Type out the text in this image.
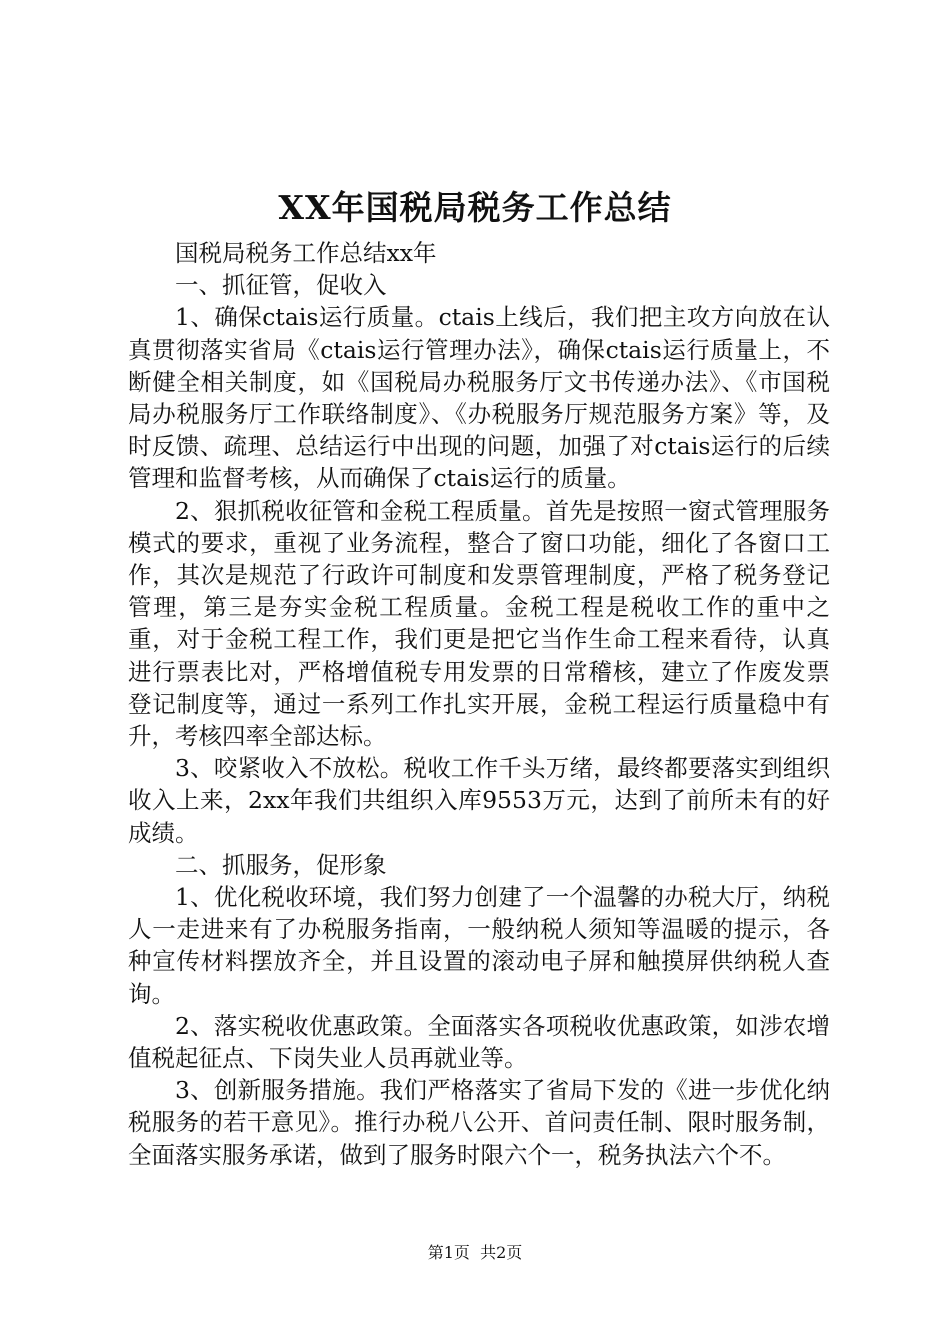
XX年国税局税务工作总结

国税局税务工作总结xx年

一、抓征管，促收入

1、确保ctais运行质量。ctais上线后，我们把主攻方向放在认真贯彻落实省局《ctais运行管理办法》，确保ctais运行质量上，不断健全相关制度，如《国税局办税服务厅文书传递办法》、《市国税局办税服务厅工作联络制度》、《办税服务厅规范服务方案》等，及时反馈、疏理、总结运行中出现的问题，加强了对ctais运行的后续管理和监督考核，从而确保了ctais运行的质量。

2、狠抓税收征管和金税工程质量。首先是按照一窗式管理服务模式的要求，重视了业务流程，整合了窗口功能，细化了各窗口工作，其次是规范了行政许可制度和发票管理制度，严格了税务登记管理，第三是夯实金税工程质量。金税工程是税收工作的重中之重，对于金税工程工作，我们更是把它当作生命工程来看待，认真进行票表比对，严格增值税专用发票的日常稽核，建立了作废发票登记制度等，通过一系列工作扎实开展，金税工程运行质量稳中有升，考核四率全部达标。

3、咬紧收入不放松。税收工作千头万绪，最终都要落实到组织收入上来，2xx年我们共组织入库9553万元，达到了前所未有的好成绩。

二、抓服务，促形象

1、优化税收环境，我们努力创建了一个温馨的办税大厅，纳税人一走进来有了办税服务指南，一般纳税人须知等温暖的提示，各种宣传材料摆放齐全，并且设置的滚动电子屏和触摸屏供纳税人查询。

2、落实税收优惠政策。全面落实各项税收优惠政策，如涉农增值税起征点、下岗失业人员再就业等。

3、创新服务措施。我们严格落实了省局下发的《进一步优化纳税服务的若干意见》。推行办税八公开、首问责任制、限时服务制，全面落实服务承诺，做到了服务时限六个一，税务执法六个不。

第1页  共2页
